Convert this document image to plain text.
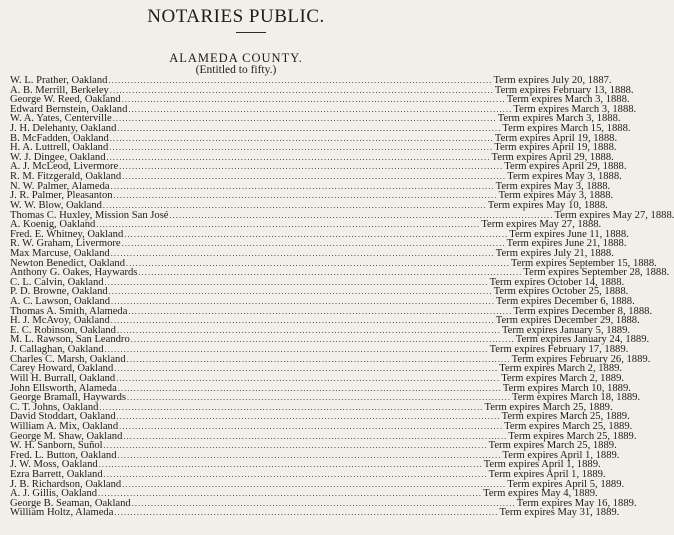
NOTARIES PUBLIC.
ALAMEDA COUNTY.
(Entitled to fifty.)
W. L. Prather, Oakland ........................................................................................................................ Term expires July 20, 1887.
A. B. Merrill, Berkeley ........................................................................................................................ Term expires February 13, 1888.
George W. Reed, Oakland ........................................................................................................................ Term expires March 3, 1888.
Edward Bernstein, Oakland ........................................................................................................................ Term expires March 3, 1888.
W. A. Yates, Centerville ........................................................................................................................ Term expires March 3, 1888.
J. H. Delehanty, Oakland ........................................................................................................................ Term expires March 15, 1888.
B. McFadden, Oakland ........................................................................................................................ Term expires April 19, 1888.
H. A. Luttrell, Oakland ........................................................................................................................ Term expires April 19, 1888.
W. J. Dingee, Oakland ........................................................................................................................ Term expires April 29, 1888.
A. J. McLeod, Livermore ........................................................................................................................ Term expires April 29, 1888.
R. M. Fitzgerald, Oakland ........................................................................................................................ Term expires May 3, 1888.
N. W. Palmer, Alameda ........................................................................................................................ Term expires May 3, 1888.
J. R. Palmer, Pleasanton ........................................................................................................................ Term expires May 3, 1888.
W. W. Blow, Oakland ........................................................................................................................ Term expires May 10, 1888.
Thomas C. Huxley, Mission San José ........................................................................................................................ Term expires May 27, 1888.
A. Koenig, Oakland ........................................................................................................................ Term expires May 27, 1888.
Fred. E. Whitney, Oakland ........................................................................................................................ Term expires June 11, 1888.
R. W. Graham, Livermore ........................................................................................................................ Term expires June 21, 1888.
Max Marcuse, Oakland ........................................................................................................................ Term expires July 21, 1888.
Newton Benedict, Oakland ........................................................................................................................ Term expires September 15, 1888.
Anthony G. Oakes, Haywards ........................................................................................................................ Term expires September 28, 1888.
C. L. Calvin, Oakland ........................................................................................................................ Term expires October 14, 1888.
P. D. Browne, Oakland ........................................................................................................................ Term expires October 25, 1888.
A. C. Lawson, Oakland ........................................................................................................................ Term expires December 6, 1888.
Thomas A. Smith, Alameda ........................................................................................................................ Term expires December 8, 1888.
H. J. McAvoy, Oakland ........................................................................................................................ Term expires December 29, 1888.
E. C. Robinson, Oakland ........................................................................................................................ Term expires January 5, 1889.
M. L. Rawson, San Leandro ........................................................................................................................ Term expires January 24, 1889.
J. Callaghan, Oakland ........................................................................................................................ Term expires February 17, 1889.
Charles C. Marsh, Oakland ........................................................................................................................ Term expires February 26, 1889.
Carey Howard, Oakland ........................................................................................................................ Term expires March 2, 1889.
Will H. Burrall, Oakland ........................................................................................................................ Term expires March 2, 1889.
John Ellsworth, Alameda ........................................................................................................................ Term expires March 10, 1889.
George Bramall, Haywards ........................................................................................................................ Term expires March 18, 1889.
C. T. Johns, Oakland ........................................................................................................................ Term expires March 25, 1889.
David Stoddart, Oakland ........................................................................................................................ Term expires March 25, 1889.
William A. Mix, Oakland ........................................................................................................................ Term expires March 25, 1889.
George M. Shaw, Oakland ........................................................................................................................ Term expires March 25, 1889.
W. H. Sanborn, Suñol ........................................................................................................................ Term expires March 25, 1889.
Fred. L. Button, Oakland ........................................................................................................................ Term expires April 1, 1889.
J. W. Moss, Oakland ........................................................................................................................ Term expires April 1, 1889.
Ezra Barrett, Oakland ........................................................................................................................ Term expires April 1, 1889.
J. B. Richardson, Oakland ........................................................................................................................ Term expires April 5, 1889.
A. J. Gillis, Oakland ........................................................................................................................ Term expires May 4, 1889.
George B. Seaman, Oakland ........................................................................................................................ Term expires May 16, 1889.
William Holtz, Alameda ........................................................................................................................ Term expires May 31, 1889.
